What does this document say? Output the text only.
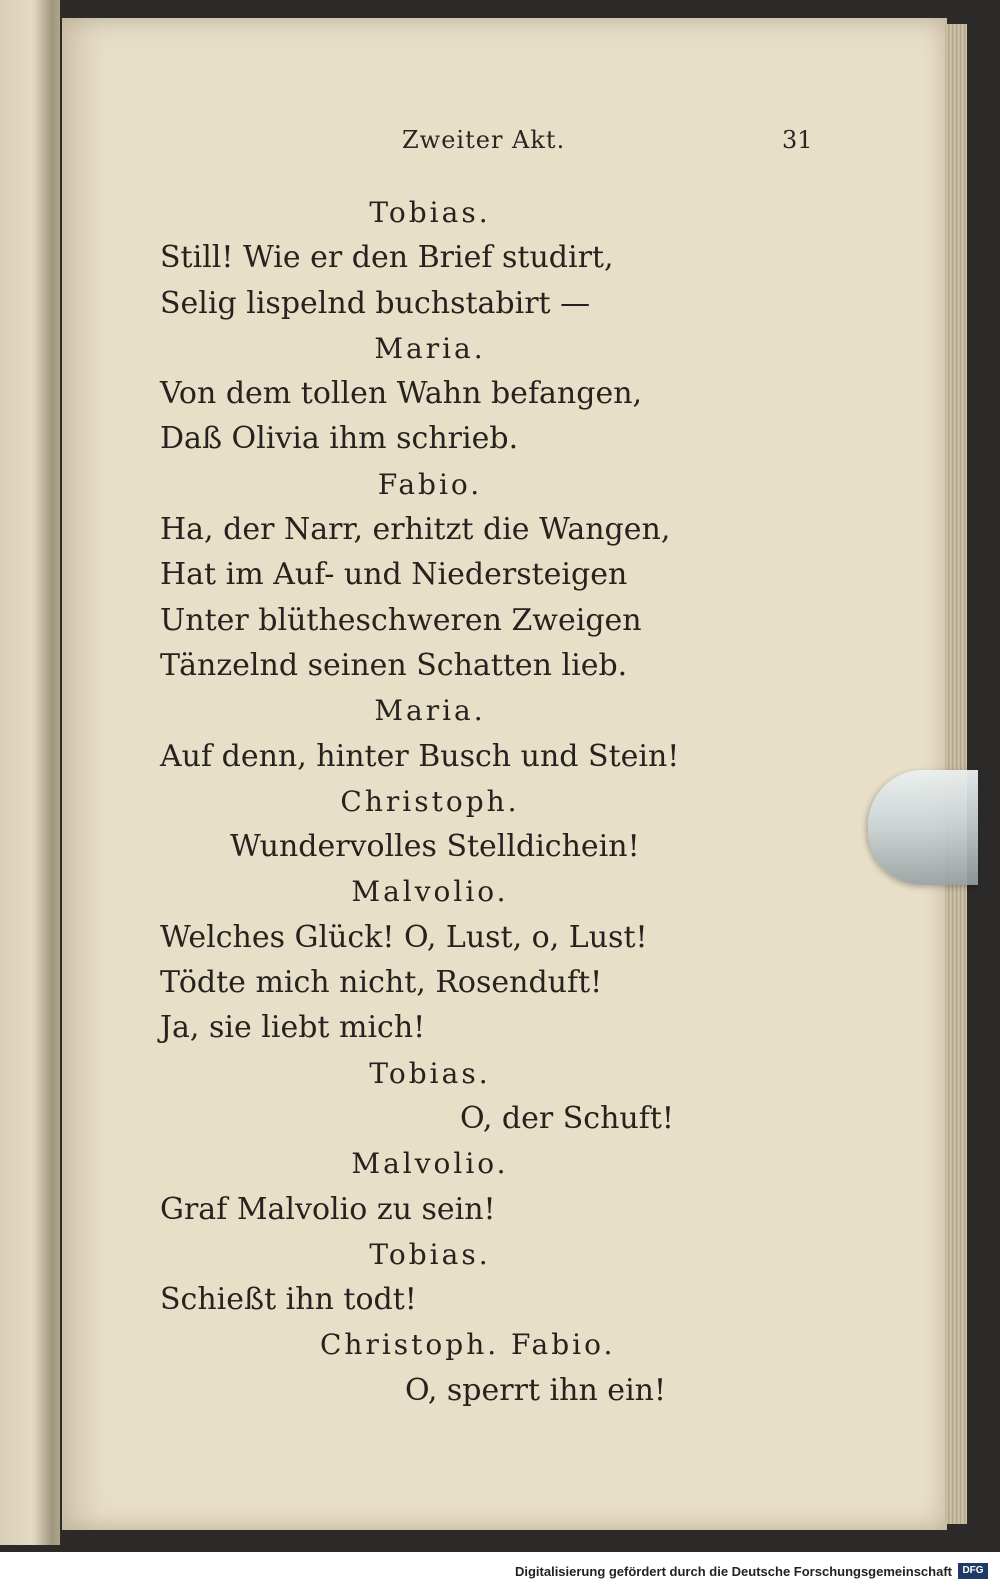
Zweiter Akt.	31
Tobias.
Still! Wie er den Brief studirt,
Selig lispelnd buchstabirt —
Maria.
Von dem tollen Wahn befangen,
Daß Olivia ihm schrieb.
Fabio.
Ha, der Narr, erhitzt die Wangen,
Hat im Auf- und Niedersteigen
Unter blütheschweren Zweigen
Tänzelnd seinen Schatten lieb.
Maria.
Auf denn, hinter Busch und Stein!
Christoph.
Wundervolles Stelldichein!
Malvolio.
Welches Glück! O, Lust, o, Lust!
Tödte mich nicht, Rosenduft!
Ja, sie liebt mich!
Tobias.
O, der Schuft!
Malvolio.
Graf Malvolio zu sein!
Tobias.
Schießt ihn todt!
Christoph. Fabio.
O, sperrt ihn ein!
Digitalisierung gefördert durch die Deutsche Forschungsgemeinschaft	DFG
